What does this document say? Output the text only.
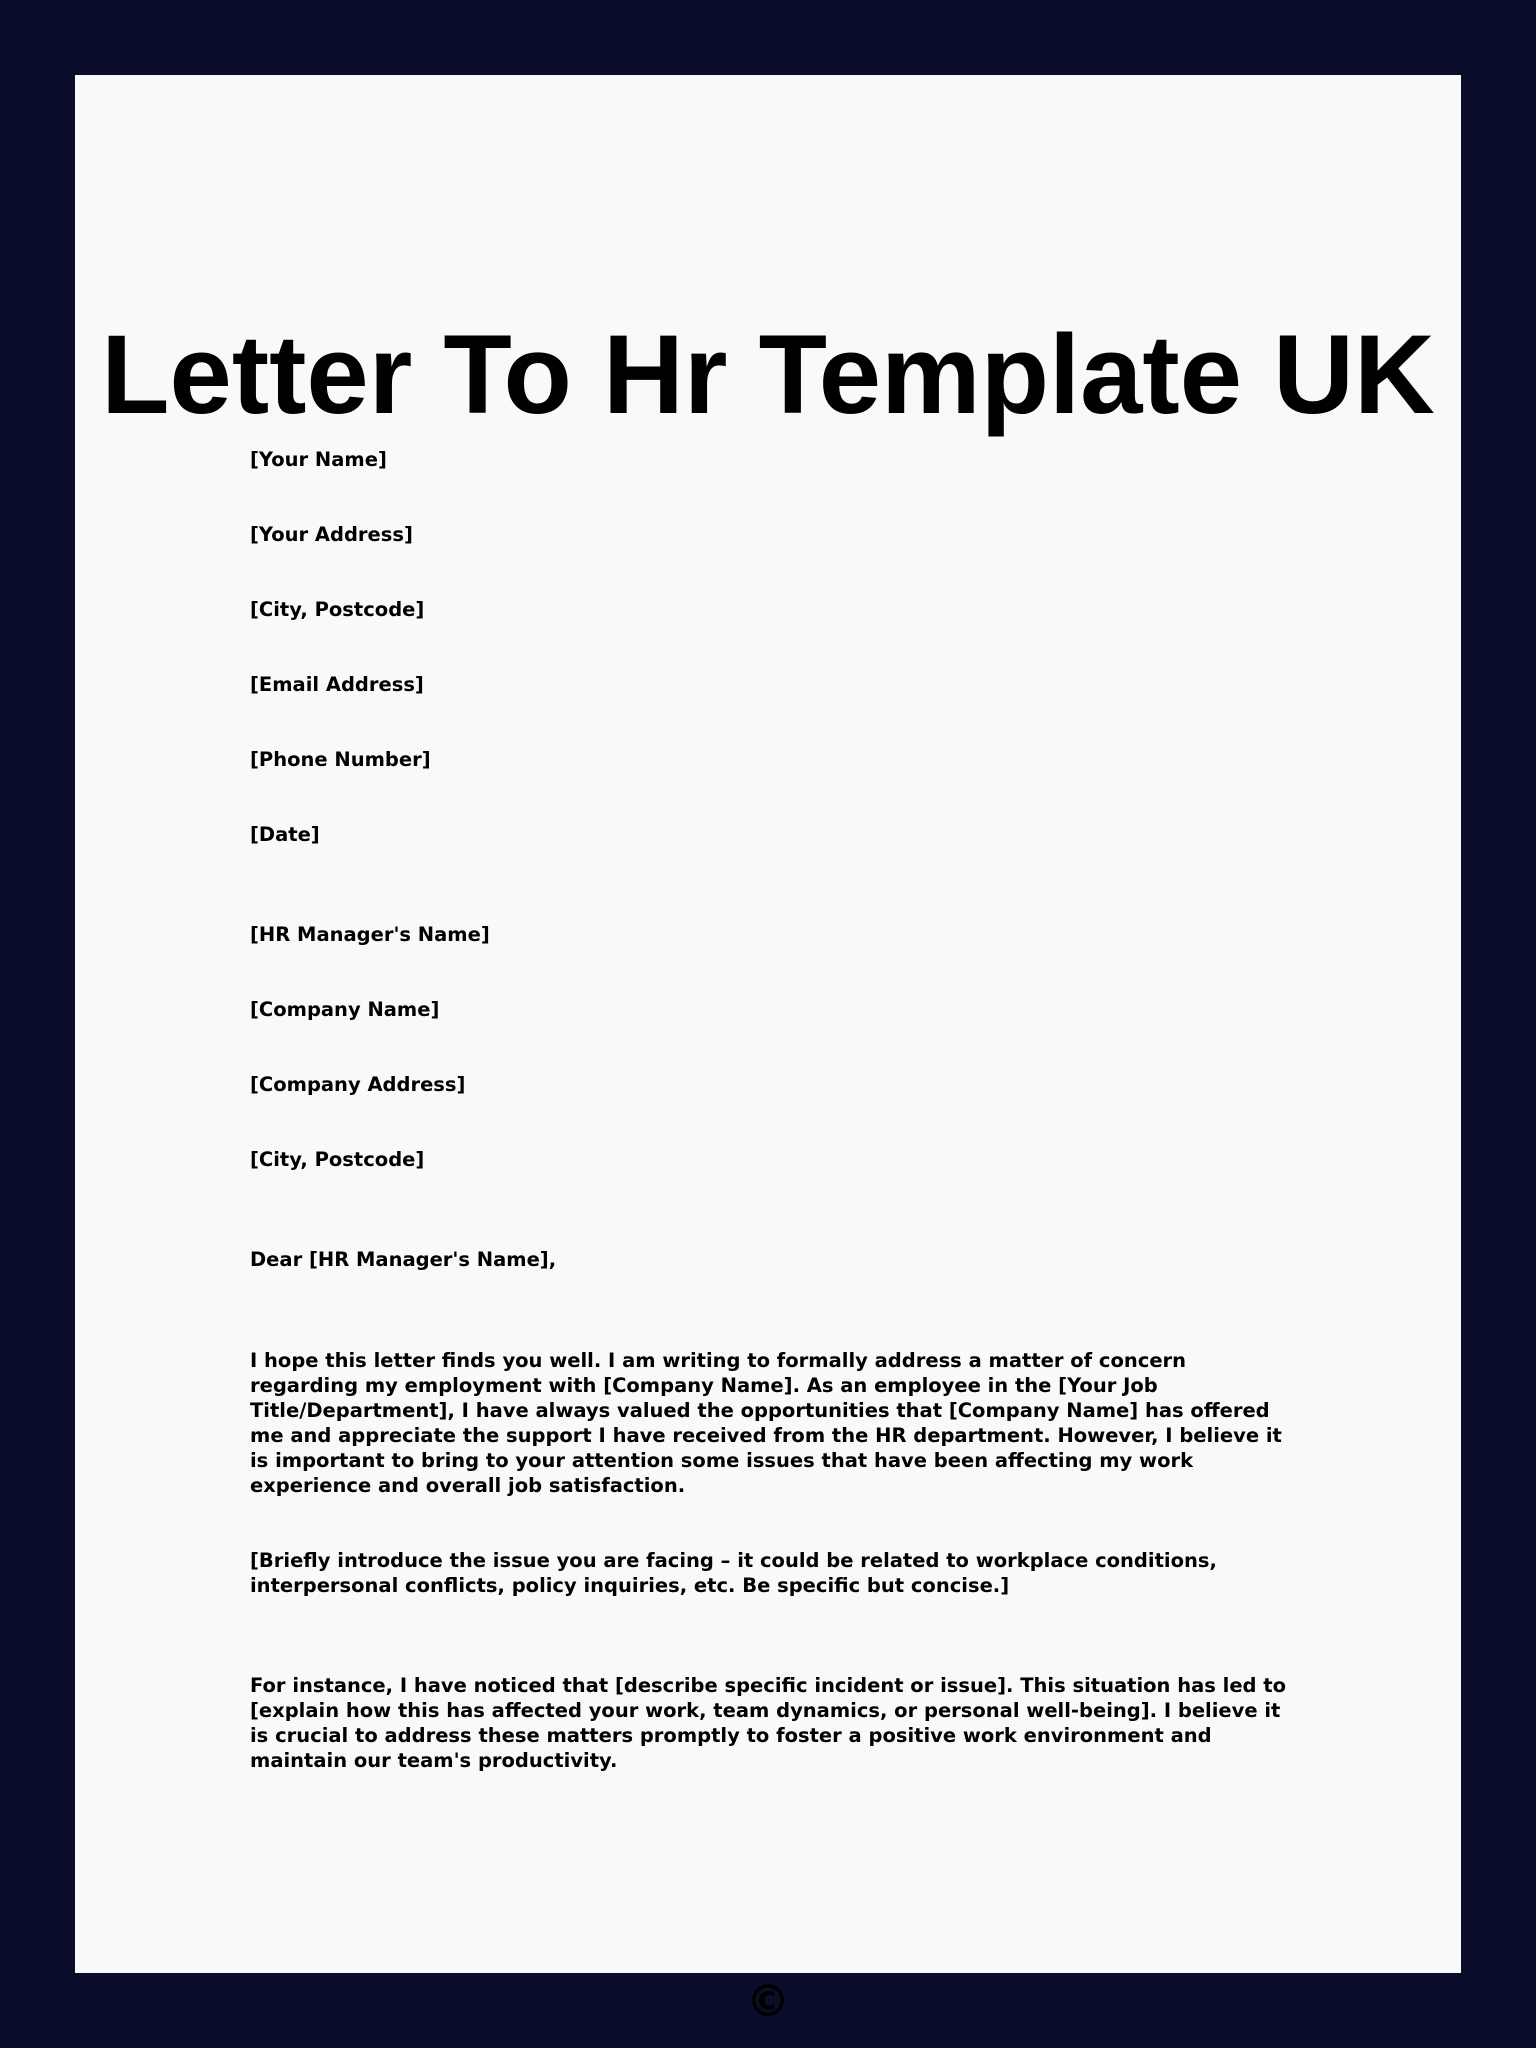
Letter To Hr Template UK
[Your Name]
[Your Address]
[City, Postcode]
[Email Address]
[Phone Number]
[Date]
[HR Manager's Name]
[Company Name]
[Company Address]
[City, Postcode]
Dear [HR Manager's Name],

I hope this letter finds you well. I am writing to formally address a matter of concern regarding my employment with [Company Name]. As an employee in the [Your Job Title/Department], I have always valued the opportunities that [Company Name] has offered me and appreciate the support I have received from the HR department. However, I believe it is important to bring to your attention some issues that have been affecting my work experience and overall job satisfaction.

[Briefly introduce the issue you are facing – it could be related to workplace conditions, interpersonal conflicts, policy inquiries, etc. Be specific but concise.]

For instance, I have noticed that [describe specific incident or issue]. This situation has led to [explain how this has affected your work, team dynamics, or personal well-being]. I believe it is crucial to address these matters promptly to foster a positive work environment and maintain our team's productivity.

©
